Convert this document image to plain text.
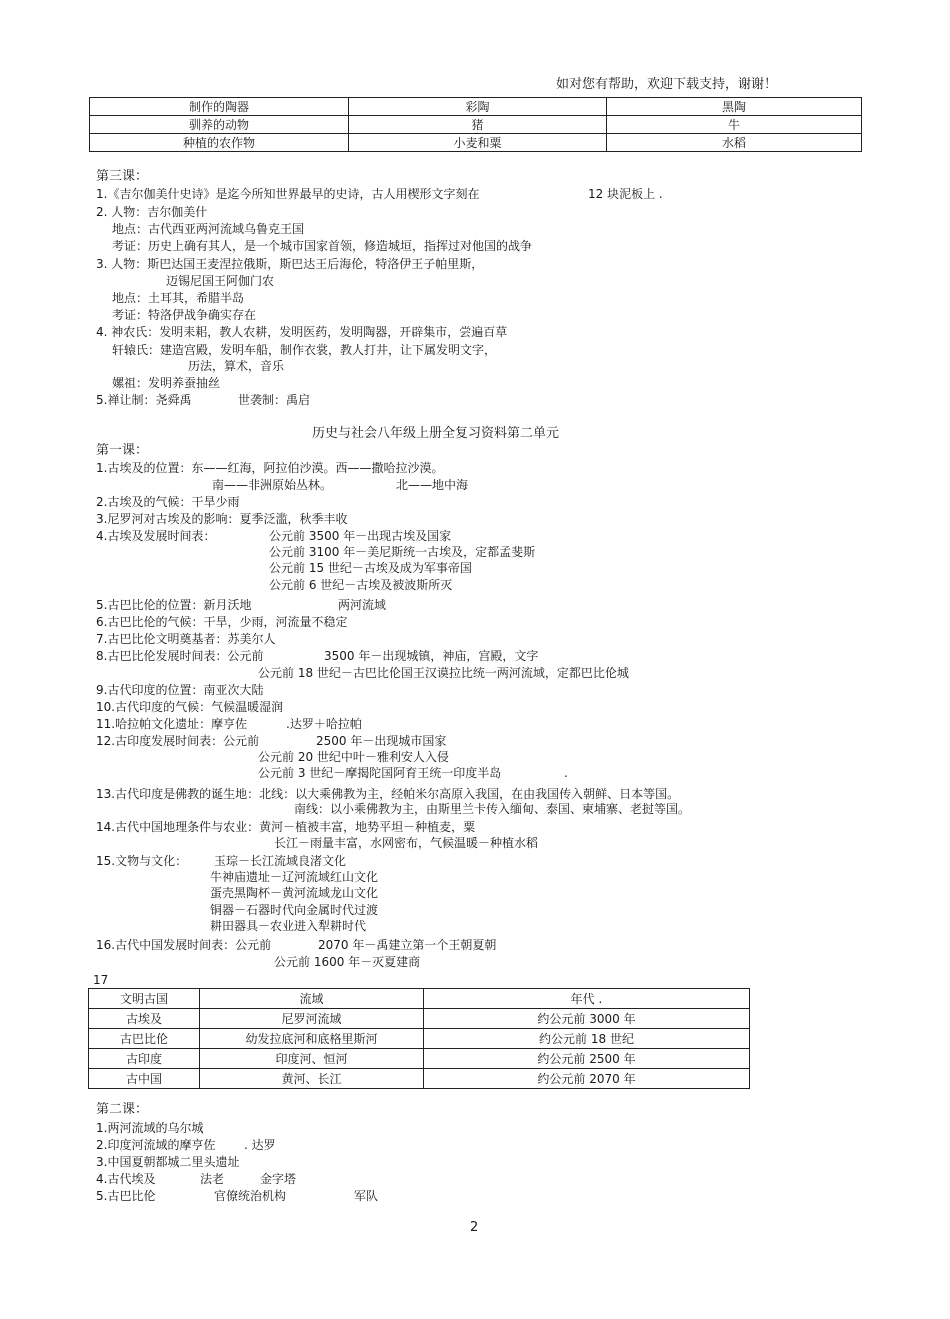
如对您有帮助，欢迎下载支持，谢谢！
制作的陶器	彩陶	黑陶
驯养的动物	猪	牛
种植的农作物	小麦和粟	水稻
第三课：
1.《吉尔伽美什史诗》是迄今所知世界最早的史诗，古人用楔形文字刻在	12 块泥板上 .
2. 人物：吉尔伽美什
地点：古代西亚两河流域乌鲁克王国
考证：历史上确有其人，是一个城市国家首领，修造城垣，指挥过对他国的战争
3. 人物：斯巴达国王麦涅拉俄斯，斯巴达王后海伦，特洛伊王子帕里斯，
迈锡尼国王阿伽门农
地点：土耳其，希腊半岛
考证：特洛伊战争确实存在
4. 神农氏：发明耒耜，教人农耕，发明医药，发明陶器，开辟集市，尝遍百草
轩辕氏：建造宫殿，发明车船，制作衣裳，教人打井，让下属发明文字，
历法，算术，音乐
嫘祖：发明养蚕抽丝
5.禅让制：尧舜禹	世袭制：禹启
历史与社会八年级上册全复习资料第二单元
第一课：
1.古埃及的位置：东——红海，阿拉伯沙漠。西——撒哈拉沙漠。
南——非洲原始丛林。	北——地中海
2.古埃及的气候：干旱少雨
3.尼罗河对古埃及的影响：夏季泛滥，秋季丰收
4.古埃及发展时间表：	公元前 3500 年－出现古埃及国家
公元前 3100 年－美尼斯统一古埃及，定都孟斐斯
公元前 15 世纪－古埃及成为军事帝国
公元前 6 世纪－古埃及被波斯所灭
5.古巴比伦的位置：新月沃地	两河流域
6.古巴比伦的气候：干旱，少雨，河流量不稳定
7.古巴比伦文明奠基者：苏美尔人
8.古巴比伦发展时间表：公元前	3500 年－出现城镇，神庙，宫殿，文字
公元前 18 世纪－古巴比伦国王汉谟拉比统一两河流域，定都巴比伦城
9.古代印度的位置：南亚次大陆
10.古代印度的气候：气候温暖湿润
11.哈拉帕文化遗址：摩亨佐	.达罗＋哈拉帕
12.古印度发展时间表：公元前	2500 年－出现城市国家
公元前 20 世纪中叶－雅利安人入侵
公元前 3 世纪－摩揭陀国阿育王统一印度半岛	.
13.古代印度是佛教的诞生地：北线：以大乘佛教为主，经帕米尔高原入我国，在由我国传入朝鲜、日本等国。
南线：以小乘佛教为主，由斯里兰卡传入缅甸、泰国、柬埔寨、老挝等国。
14.古代中国地理条件与农业：黄河－植被丰富，地势平坦－种植麦，粟
长江－雨量丰富，水网密布，气候温暖－种植水稻
15.文物与文化： 玉琮－长江流域良渚文化
牛神庙遗址－辽河流域红山文化
蛋壳黑陶杯－黄河流域龙山文化
铜器－石器时代向金属时代过渡
耕田器具－农业进入犁耕时代
16.古代中国发展时间表：公元前	2070 年－禹建立第一个王朝夏朝
公元前 1600 年－灭夏建商
17
文明古国	流域	年代 .
古埃及	尼罗河流域	约公元前 3000 年
古巴比伦	幼发拉底河和底格里斯河	约公元前 18 世纪
古印度	印度河、恒河	约公元前 2500 年
古中国	黄河、长江	约公元前 2070 年
第二课：
1.两河流域的乌尔城
2.印度河流域的摩亨佐 . 达罗
3.中国夏朝都城二里头遗址
4.古代埃及	法老	金字塔
5.古巴比伦	官僚统治机构	军队
2
